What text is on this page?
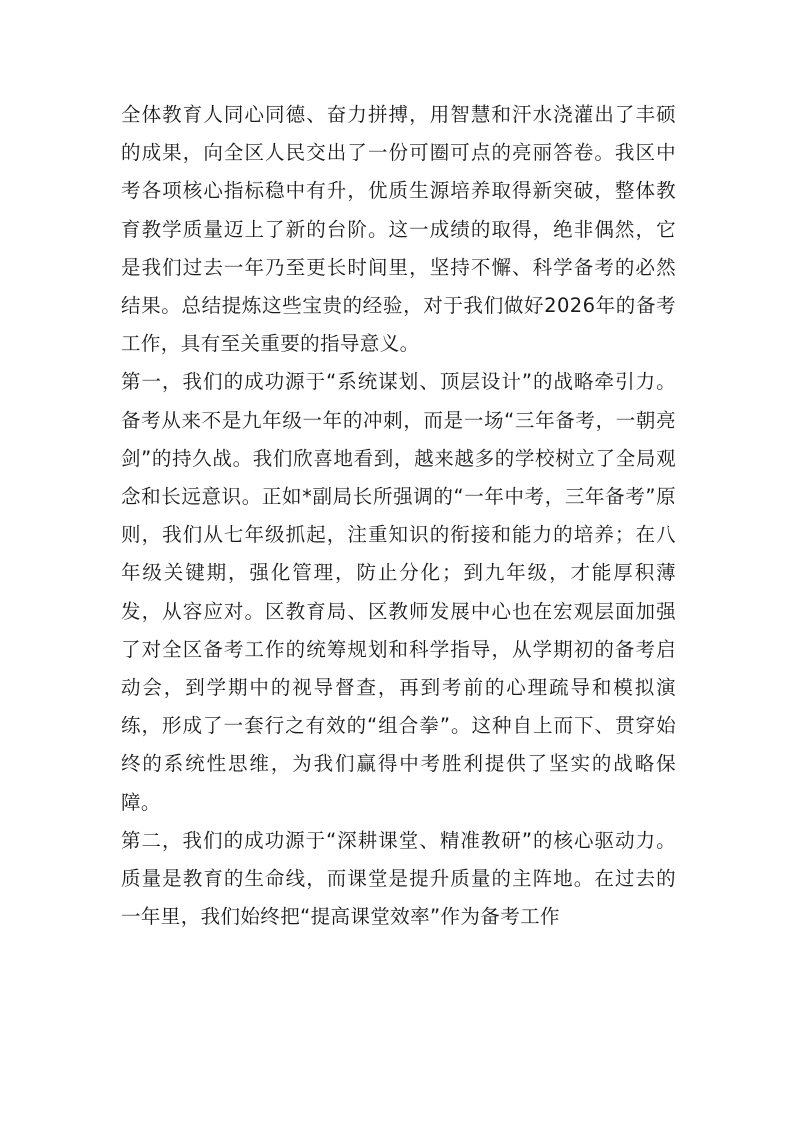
全体教育人同心同德、奋力拼搏，用智慧和汗水浇灌出了丰硕的成果，向全区人民交出了一份可圈可点的亮丽答卷。我区中考各项核心指标稳中有升，优质生源培养取得新突破，整体教育教学质量迈上了新的台阶。这一成绩的取得，绝非偶然，它是我们过去一年乃至更长时间里，坚持不懈、科学备考的必然结果。总结提炼这些宝贵的经验，对于我们做好2026年的备考工作，具有至关重要的指导意义。

第一，我们的成功源于“系统谋划、顶层设计”的战略牵引力。备考从来不是九年级一年的冲刺，而是一场“三年备考，一朝亮剑”的持久战。我们欣喜地看到，越来越多的学校树立了全局观念和长远意识。正如*副局长所强调的“一年中考，三年备考”原则，我们从七年级抓起，注重知识的衔接和能力的培养；在八年级关键期，强化管理，防止分化；到九年级，才能厚积薄发，从容应对。区教育局、区教师发展中心也在宏观层面加强了对全区备考工作的统筹规划和科学指导，从学期初的备考启动会，到学期中的视导督查，再到考前的心理疏导和模拟演练，形成了一套行之有效的“组合拳”。这种自上而下、贯穿始终的系统性思维，为我们赢得中考胜利提供了坚实的战略保障。

第二，我们的成功源于“深耕课堂、精准教研”的核心驱动力。质量是教育的生命线，而课堂是提升质量的主阵地。在过去的一年里，我们始终把“提高课堂效率”作为备考工作
